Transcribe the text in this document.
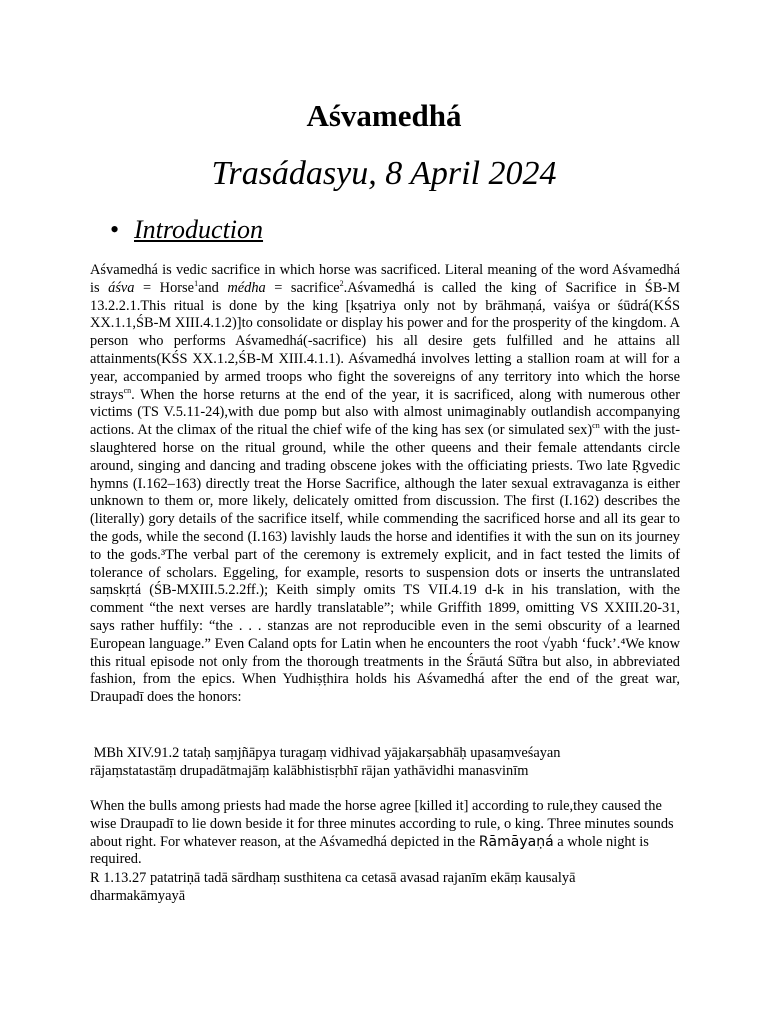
Aśvamedhá
Trasádasyu, 8 April 2024
• Introduction

Aśvamedhá is vedic sacrifice in which horse was sacrificed. Literal meaning of the word Aśvamedhá is áśva = Horse$^1$and médha = sacrifice$^2$.Aśvamedhá is called the king of Sacrifice in ŚB-M 13.2.2.1.This ritual is done by the king [kṣatriya only not by brāhmaṇá, vaiśya or śūdrá(KŚS XX.1.1,ŚB-M XIII.4.1.2)]to consolidate or display his power and for the prosperity of the kingdom. A person who performs Aśvamedhá(-sacrifice) his all desire gets fulfilled and he attains all attainments(KŚS XX.1.2,ŚB-M XIII.4.1.1). Aśvamedhá involves letting a stallion roam at will for a year, accompanied by armed troops who fight the sovereigns of any territory into which the horse strays$^{cn}$. When the horse returns at the end of the year, it is sacrificed, along with numerous other victims (TS V.5.11-24),with due pomp but also with almost unimaginably outlandish accompanying actions. At the climax of the ritual the chief wife of the king has sex (or simulated sex)$^{cn}$ with the just-slaughtered horse on the ritual ground, while the other queens and their female attendants circle around, singing and dancing and trading obscene jokes with the officiating priests. Two late Ṛgvedic hymns (I.162–163) directly treat the Horse Sacrifice, although the later sexual extravaganza is either unknown to them or, more likely, delicately omitted from discussion. The first (I.162) describes the (literally) gory details of the sacrifice itself, while commending the sacrificed horse and all its gear to the gods, while the second (I.163) lavishly lauds the horse and identifies it with the sun on its journey to the gods.³The verbal part of the ceremony is extremely explicit, and in fact tested the limits of tolerance of scholars. Eggeling, for example, resorts to suspension dots or inserts the untranslated saṃskṛtá (ŚB-MXIII.5.2.2ff.); Keith simply omits TS VII.4.19 d-k in his translation, with the comment “the next verses are hardly translatable”; while Griffith 1899, omitting VS XXIII.20-31, says rather huffily: “the . . . stanzas are not reproducible even in the semi obscurity of a learned European language.” Even Caland opts for Latin when he encounters the root √yabh ‘fuck’.⁴We know this ritual episode not only from the thorough treatments in the Śrāutá Sū̆tra but also, in abbreviated fashion, from the epics. When Yudhiṣṭhira holds his Aśvamedhá after the end of the great war, Draupadī does the honors:

MBh XIV.91.2 tataḥ saṃjñāpya turagaṃ vidhivad yājakarṣabhāḥ upasaṃveśayan

rājaṃstatastāṃ drupadātmajāṃ kalābhistisṛbhī rājan yathāvidhi manasvinīm

When the bulls among priests had made the horse agree [killed it] according to rule,they caused the wise Draupadī to lie down beside it for three minutes according to rule, o king. Three minutes sounds about right. For whatever reason, at the Aśvamedhá depicted in the Rāmāyaṇá a whole night is required.

R 1.13.27 patatriṇā tadā sārdhaṃ susthitena ca cetasā avasad rajanīm ekāṃ kausalyā

dharmakāmyayā
